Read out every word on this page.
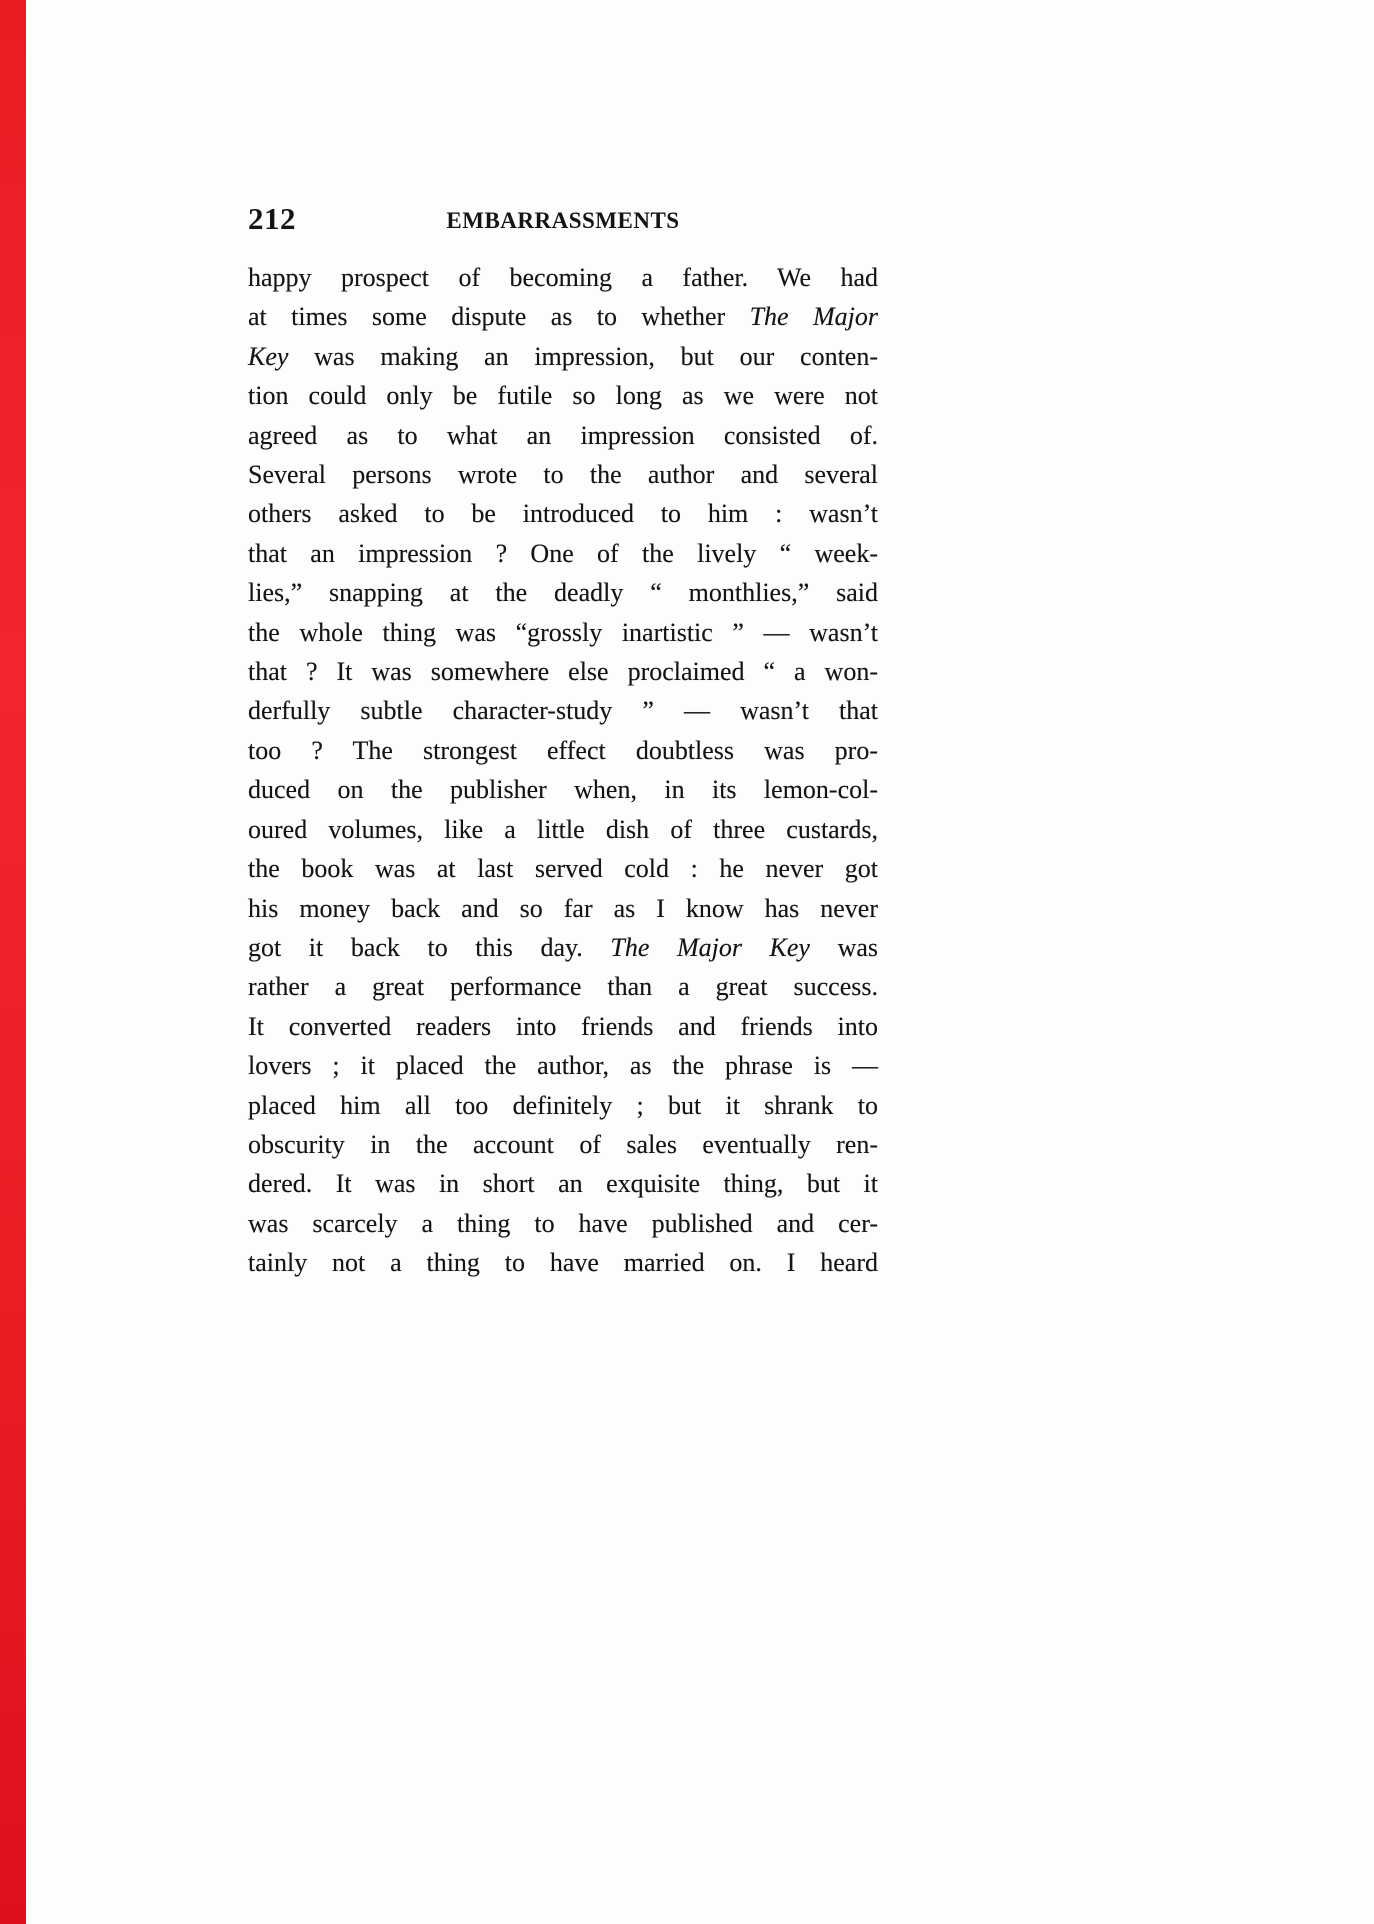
212	EMBARRASSMENTS
happy prospect of becoming a father. We had
at times some dispute as to whether The Major
Key was making an impression, but our conten-
tion could only be futile so long as we were not
agreed as to what an impression consisted of.
Several persons wrote to the author and several
others asked to be introduced to him : wasn’t
that an impression ? One of the lively “ week-
lies,” snapping at the deadly “ monthlies,” said
the whole thing was “grossly inartistic ” — wasn’t
that ? It was somewhere else proclaimed “ a won-
derfully subtle character-study ” — wasn’t that
too ? The strongest effect doubtless was pro-
duced on the publisher when, in its lemon-col-
oured volumes, like a little dish of three custards,
the book was at last served cold : he never got
his money back and so far as I know has never
got it back to this day. The Major Key was
rather a great performance than a great success.
It converted readers into friends and friends into
lovers ; it placed the author, as the phrase is —
placed him all too definitely ; but it shrank to
obscurity in the account of sales eventually ren-
dered. It was in short an exquisite thing, but it
was scarcely a thing to have published and cer-
tainly not a thing to have married on. I heard
